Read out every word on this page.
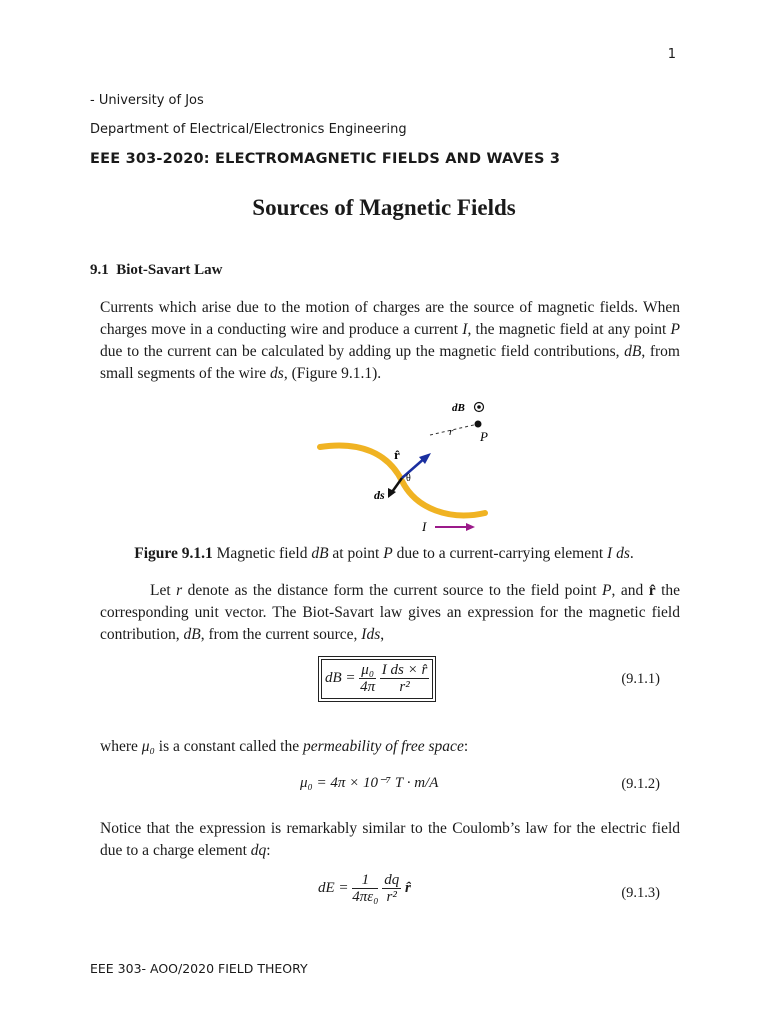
1
- University of Jos
Department of Electrical/Electronics Engineering
EEE 303-2020: ELECTROMAGNETIC FIELDS AND WAVES 3
Sources of Magnetic Fields
9.1 Biot-Savart Law
Currents which arise due to the motion of charges are the source of magnetic fields. When charges move in a conducting wire and produce a current I, the magnetic field at any point P due to the current can be calculated by adding up the magnetic field contributions, dB, from small segments of the wire ds, (Figure 9.1.1).
dB
P
r
r̂
θ
ds
I
Figure 9.1.1 Magnetic field dB at point P due to a current-carrying element I ds.
Let r denote as the distance form the current source to the field point P, and r̂ the corresponding unit vector. The Biot-Savart law gives an expression for the magnetic field contribution, dB, from the current source, Ids,
dB = $\frac{\text{μ₀}}{4\pi}$
$\frac{\text{I ds × r̂}}{\text{r²}}$	(9.1.1)
where μ₀ is a constant called the permeability of free space:
μ₀ = 4π × 10⁻⁷ T · m/A	(9.1.2)
Notice that the expression is remarkably similar to the Coulomb’s law for the electric field due to a charge element dq:
dE = $\frac{1}{\text{4πε₀}}$
$\frac{dq}{\text{r²}}$ r̂	(9.1.3)
EEE 303- AOO/2020 FIELD THEORY
